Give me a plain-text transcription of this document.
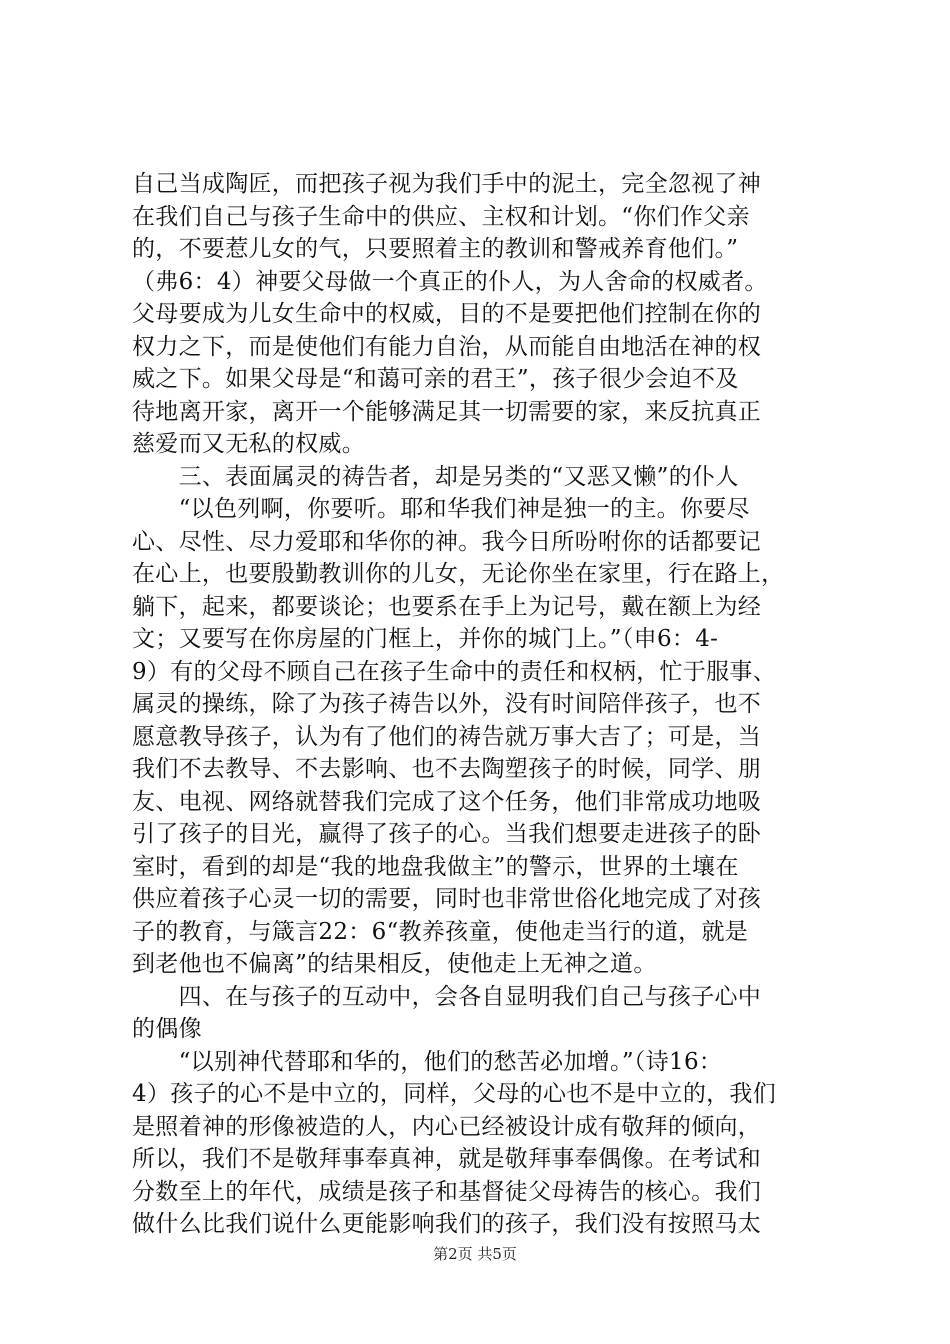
自己当成陶匠，而把孩子视为我们手中的泥土，完全忽视了神
在我们自己与孩子生命中的供应、主权和计划。“你们作父亲
的，不要惹儿女的气，只要照着主的教训和警戒养育他们。”
（弗6：4）神要父母做一个真正的仆人，为人舍命的权威者。
父母要成为儿女生命中的权威，目的不是要把他们控制在你的
权力之下，而是使他们有能力自治，从而能自由地活在神的权
威之下。如果父母是“和蔼可亲的君王”，孩子很少会迫不及
待地离开家，离开一个能够满足其一切需要的家，来反抗真正
慈爱而又无私的权威。
　　三、表面属灵的祷告者，却是另类的“又恶又懒”的仆人
　　“以色列啊，你要听。耶和华我们神是独一的主。你要尽
心、尽性、尽力爱耶和华你的神。我今日所吩咐你的话都要记
在心上，也要殷勤教训你的儿女，无论你坐在家里，行在路上，
躺下，起来，都要谈论；也要系在手上为记号，戴在额上为经
文；又要写在你房屋的门框上，并你的城门上。”（申6：4-
9）有的父母不顾自己在孩子生命中的责任和权柄，忙于服事、
属灵的操练，除了为孩子祷告以外，没有时间陪伴孩子，也不
愿意教导孩子，认为有了他们的祷告就万事大吉了；可是，当
我们不去教导、不去影响、也不去陶塑孩子的时候，同学、朋
友、电视、网络就替我们完成了这个任务，他们非常成功地吸
引了孩子的目光，赢得了孩子的心。当我们想要走进孩子的卧
室时，看到的却是“我的地盘我做主”的警示，世界的土壤在
供应着孩子心灵一切的需要，同时也非常世俗化地完成了对孩
子的教育，与箴言22：6“教养孩童，使他走当行的道，就是
到老他也不偏离”的结果相反，使他走上无神之道。
　　四、在与孩子的互动中，会各自显明我们自己与孩子心中
的偶像
　　“以别神代替耶和华的，他们的愁苦必加增。”（诗16：
4）孩子的心不是中立的，同样，父母的心也不是中立的，我们
是照着神的形像被造的人，内心已经被设计成有敬拜的倾向，
所以，我们不是敬拜事奉真神，就是敬拜事奉偶像。在考试和
分数至上的年代，成绩是孩子和基督徒父母祷告的核心。我们
做什么比我们说什么更能影响我们的孩子，我们没有按照马太
第2页 共5页
